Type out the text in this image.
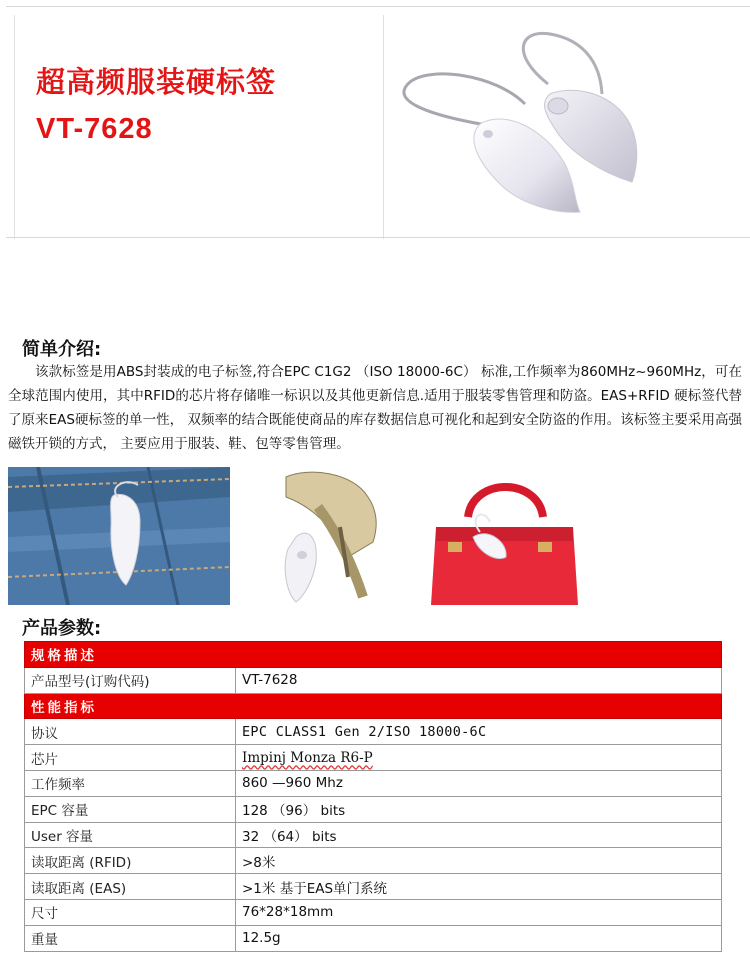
超高频服装硬标签
VT-7628
简单介绍:

该款标签是用ABS封装成的电子标签,符合EPC C1G2 （ISO 18000-6C） 标准,工作频率为860MHz~960MHz，可在全球范围内使用，其中RFID的芯片将存储唯一标识以及其他更新信息.适用于服装零售管理和防盗。EAS+RFID 硬标签代替了原来EAS硬标签的单一性， 双频率的结合既能使商品的库存数据信息可视化和起到安全防盗的作用。该标签主要采用高强磁铁开锁的方式， 主要应用于服装、鞋、包等零售管理。

产品参数:
规格描述	
产品型号(订购代码)	VT-7628
性能指标	
协议	EPC CLASS1 Gen 2/ISO 18000-6C
芯片	Impinj Monza R6-P
工作频率	860 —960 Mhz
EPC 容量	128 （96） bits
User 容量	32 （64） bits
读取距离 (RFID)	>8米
读取距离 (EAS)	>1米 基于EAS单门系统
尺寸	76*28*18mm
重量	12.5g
